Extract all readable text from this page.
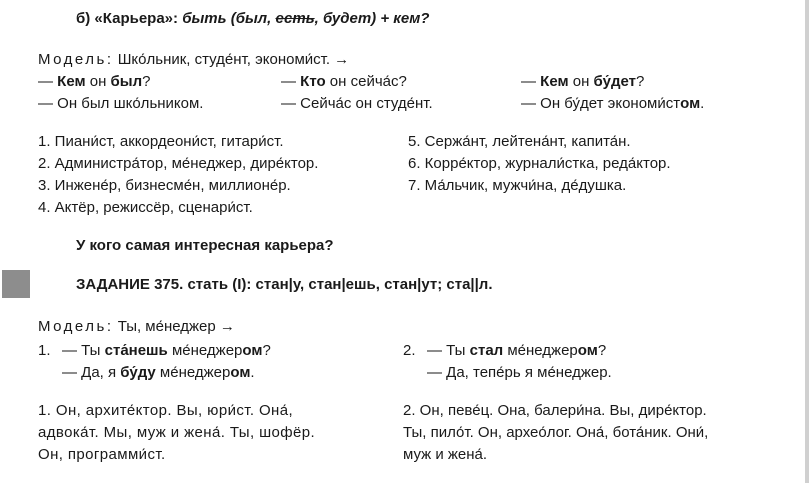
б) «Карьера»: быть (был, есть, будет) + кем?
Модель: Шко́льник, студе́нт, экономи́ст. →
— Кем он был?	— Кто он сейча́с?	— Кем он бу́дет?
— Он был шко́льником.	— Сейча́с он студе́нт.	— Он бу́дет экономи́стом.
1. Пиани́ст, аккордеони́ст, гитари́ст.
2. Администра́тор, ме́неджер, дире́ктор.
3. Инжене́р, бизнесме́н, миллионе́р.
4. Актёр, режиссёр, сценари́ст.
5. Сержа́нт, лейтена́нт, капита́н.
6. Корре́ктор, журнали́стка, реда́ктор.
7. Ма́льчик, мужчи́на, де́душка.
У кого самая интересная карьера?
ЗАДАНИЕ 375. стать (I): стан|у, стан|ешь, стан|ут; ста||л.
Модель: Ты, ме́неджер →
1. — Ты ста́нешь ме́неджером?
— Да, я бу́ду ме́неджером.
2. — Ты стал ме́неджером?
— Да, тепе́рь я ме́неджер.
1. Он, архите́ктор. Вы, юри́ст. Она́,
адвока́т. Мы, муж и жена́. Ты, шофёр.
Он, программи́ст.
2. Он, певе́ц. Она, балери́на. Вы, дире́ктор.
Ты, пило́т. Он, архео́лог. Она́, бота́ник. Они́,
муж и жена́.
